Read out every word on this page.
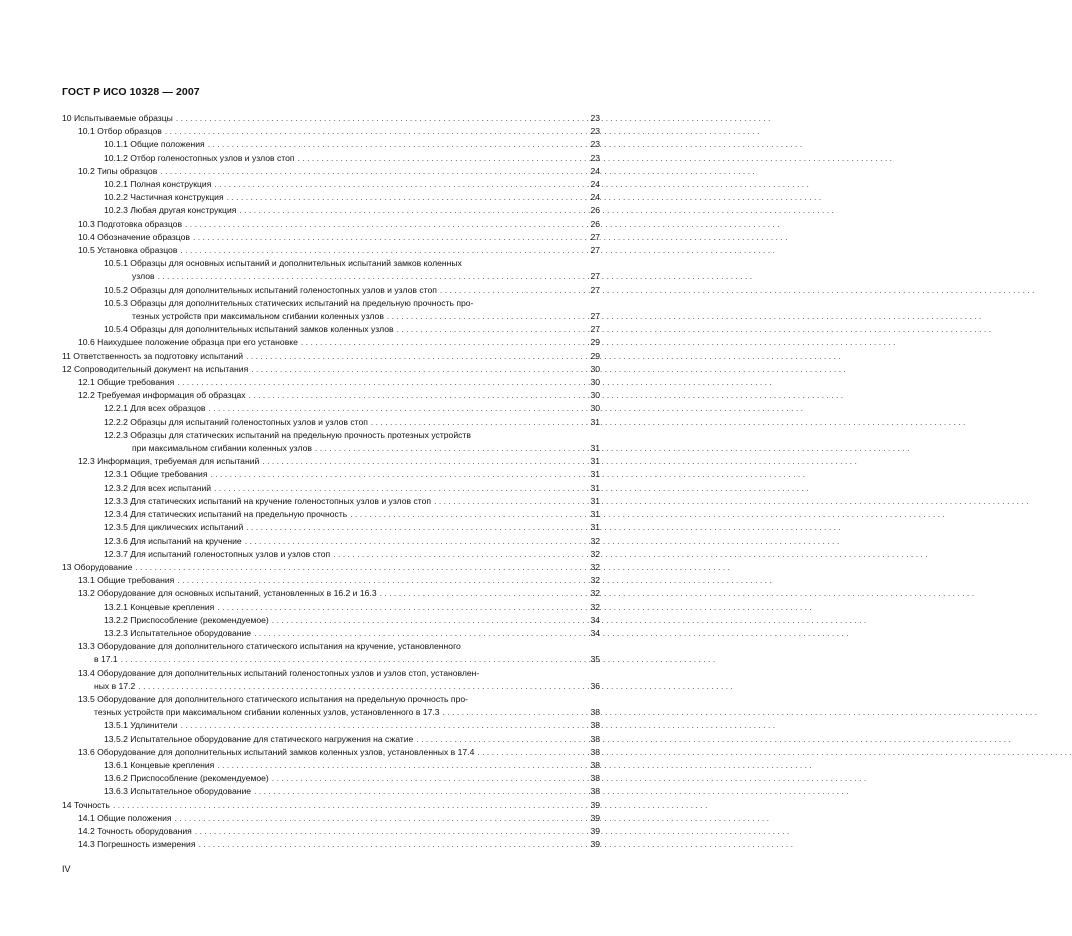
ГОСТ Р ИСО 10328 — 2007
10 Испытываемые образцы . . .	23
10.1 Отбор образцов . . .	23
10.1.1 Общие положения . . .	23
10.1.2 Отбор голеностопных узлов и узлов стоп . . .	23
10.2 Типы образцов . . .	24
10.2.1 Полная конструкция . . .	24
10.2.2 Частичная конструкция . . .	24
10.2.3 Любая другая конструкция . . .	26
10.3 Подготовка образцов . . .	26
10.4 Обозначение образцов . . .	27
10.5 Установка образцов . . .	27
10.5.1 Образцы для основных испытаний и дополнительных испытаний замков коленных
узлов . . .	27
10.5.2 Образцы для дополнительных испытаний голеностопных узлов и узлов стоп . . .	27
10.5.3 Образцы для дополнительных статических испытаний на предельную прочность про-
тезных устройств при максимальном сгибании коленных узлов . . .	27
10.5.4 Образцы для дополнительных испытаний замков коленных узлов . . .	27
10.6 Наихудшее положение образца при его установке . . .	29
11 Ответственность за подготовку испытаний . . .	29
12 Сопроводительный документ на испытания . . .	30
12.1 Общие требования . . .	30
12.2 Требуемая информация об образцах . . .	30
12.2.1 Для всех образцов . . .	30
12.2.2 Образцы для испытаний голеностопных узлов и узлов стоп . . .	31
12.2.3 Образцы для статических испытаний на предельную прочность протезных устройств
при максимальном сгибании коленных узлов . . .	31
12.3 Информация, требуемая для испытаний . . .	31
12.3.1 Общие требования . . .	31
12.3.2 Для всех испытаний . . .	31
12.3.3 Для статических испытаний на кручение голеностопных узлов и узлов стоп . . .	31
12.3.4 Для статических испытаний на предельную прочность . . .	31
12.3.5 Для циклических испытаний . . .	31
12.3.6 Для испытаний на кручение . . .	32
12.3.7 Для испытаний голеностопных узлов и узлов стоп . . .	32
13 Оборудование . . .	32
13.1 Общие требования . . .	32
13.2 Оборудование для основных испытаний, установленных в 16.2 и 16.3 . . .	32
13.2.1 Концевые крепления . . .	32
13.2.2 Приспособление (рекомендуемое) . . .	34
13.2.3 Испытательное оборудование . . .	34
13.3 Оборудование для дополнительного статического испытания на кручение, установленного
в 17.1 . . .	35
13.4 Оборудование для дополнительных испытаний голеностопных узлов и узлов стоп, установлен-
ных в 17.2 . . .	36
13.5 Оборудование для дополнительного статического испытания на предельную прочность про-
тезных устройств при максимальном сгибании коленных узлов, установленного в 17.3 . . .	38
13.5.1 Удлинители . . .	38
13.5.2 Испытательное оборудование для статического нагружения на сжатие . . .	38
13.6 Оборудование для дополнительных испытаний замков коленных узлов, установленных в 17.4 . . .	38
13.6.1 Концевые крепления . . .	38
13.6.2 Приспособление (рекомендуемое) . . .	38
13.6.3 Испытательное оборудование . . .	38
14 Точность . . .	39
14.1 Общие положения . . .	39
14.2 Точность оборудования . . .	39
14.3 Погрешность измерения . . .	39
IV
